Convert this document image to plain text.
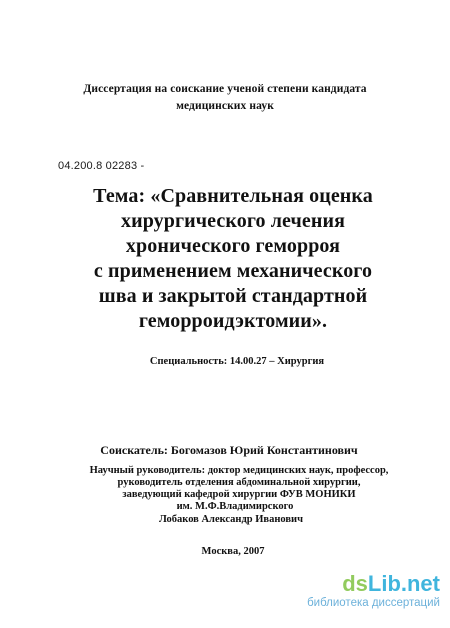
Диссертация на соискание ученой степени кандидата
медицинских наук
04.200.8 02283 -
Тема: «Сравнительная оценка
хирургического лечения
хронического геморроя
с применением механического
шва и закрытой стандартной
геморроидэктомии».
Специальность: 14.00.27 – Хирургия
Соискатель: Богомазов Юрий Константинович
Научный руководитель: доктор медицинских наук, профессор,
руководитель отделения абдоминальной хирургии,
заведующий кафедрой хирургии ФУВ МОНИКИ
им. М.Ф.Владимирского
Лобаков Александр Иванович
Москва, 2007
dsLib.net
библиотека диссертаций
